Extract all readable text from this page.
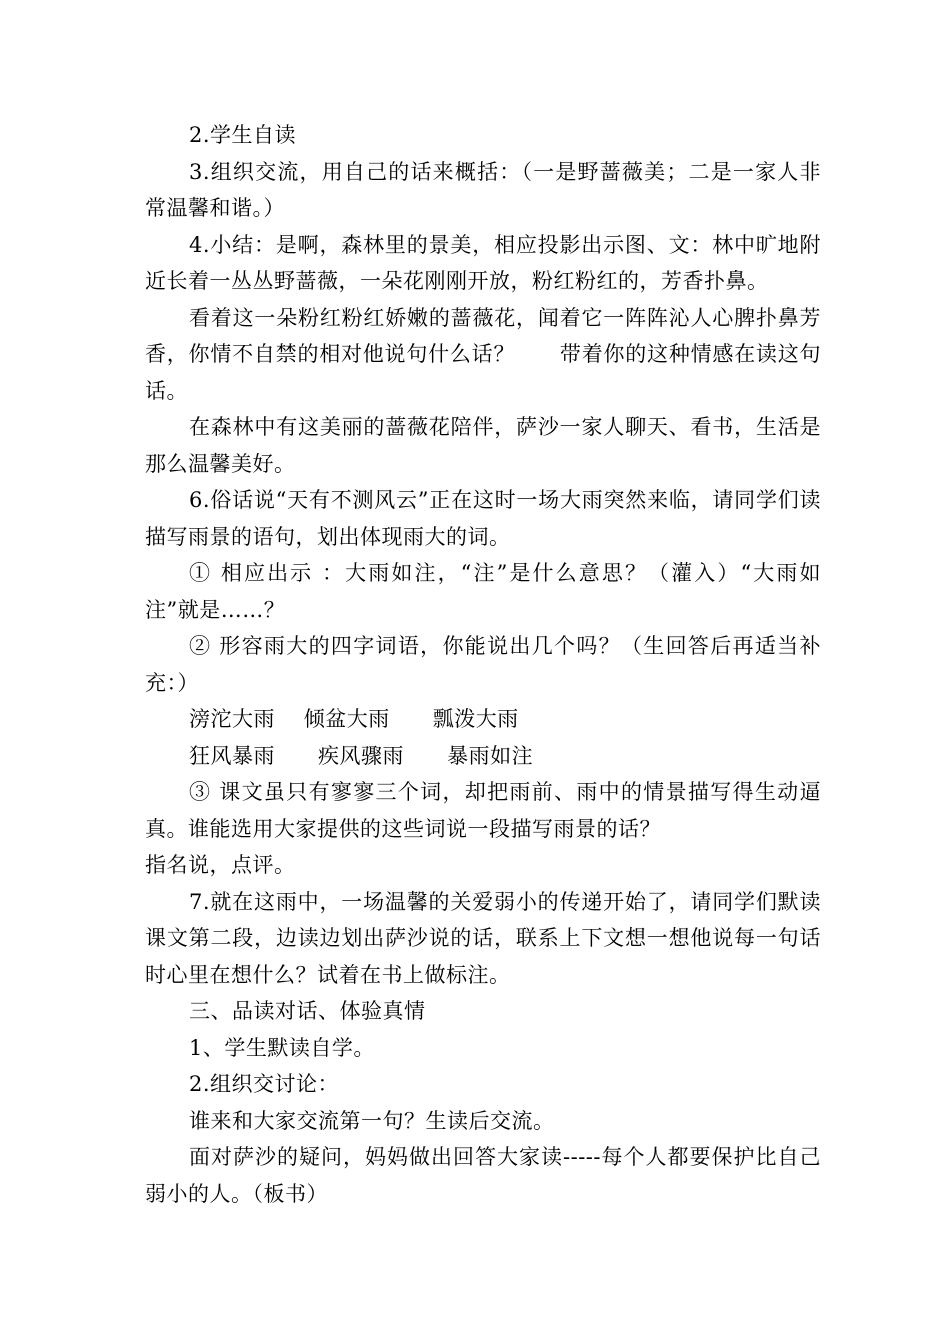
2.学生自读

3.组织交流，用自己的话来概括：（一是野蔷薇美；二是一家人非常温馨和谐。）

4.小结：是啊，森林里的景美，相应投影出示图、文：林中旷地附近长着一丛丛野蔷薇，一朵花刚刚开放，粉红粉红的，芳香扑鼻。

看着这一朵粉红粉红娇嫩的蔷薇花，闻着它一阵阵沁人心脾扑鼻芳香，你情不自禁的相对他说句什么话？      带着你的这种情感在读这句话。

在森林中有这美丽的蔷薇花陪伴，萨沙一家人聊天、看书，生活是那么温馨美好。

6.俗话说“天有不测风云”正在这时一场大雨突然来临，请同学们读描写雨景的语句，划出体现雨大的词。

① 相应出示 ：大雨如注，“注”是什么意思？（灌入）“大雨如注”就是……？

② 形容雨大的四字词语，你能说出几个吗？（生回答后再适当补充：）

滂沱大雨    倾盆大雨      瓢泼大雨

狂风暴雨      疾风骤雨      暴雨如注

③ 课文虽只有寥寥三个词，却把雨前、雨中的情景描写得生动逼真。谁能选用大家提供的这些词说一段描写雨景的话？

指名说，点评。

7.就在这雨中，一场温馨的关爱弱小的传递开始了，请同学们默读课文第二段，边读边划出萨沙说的话，联系上下文想一想他说每一句话时心里在想什么？试着在书上做标注。

三、品读对话、体验真情

1、学生默读自学。

2.组织交讨论：

谁来和大家交流第一句？生读后交流。

面对萨沙的疑问，妈妈做出回答大家读-----每个人都要保护比自己弱小的人。（板书）
